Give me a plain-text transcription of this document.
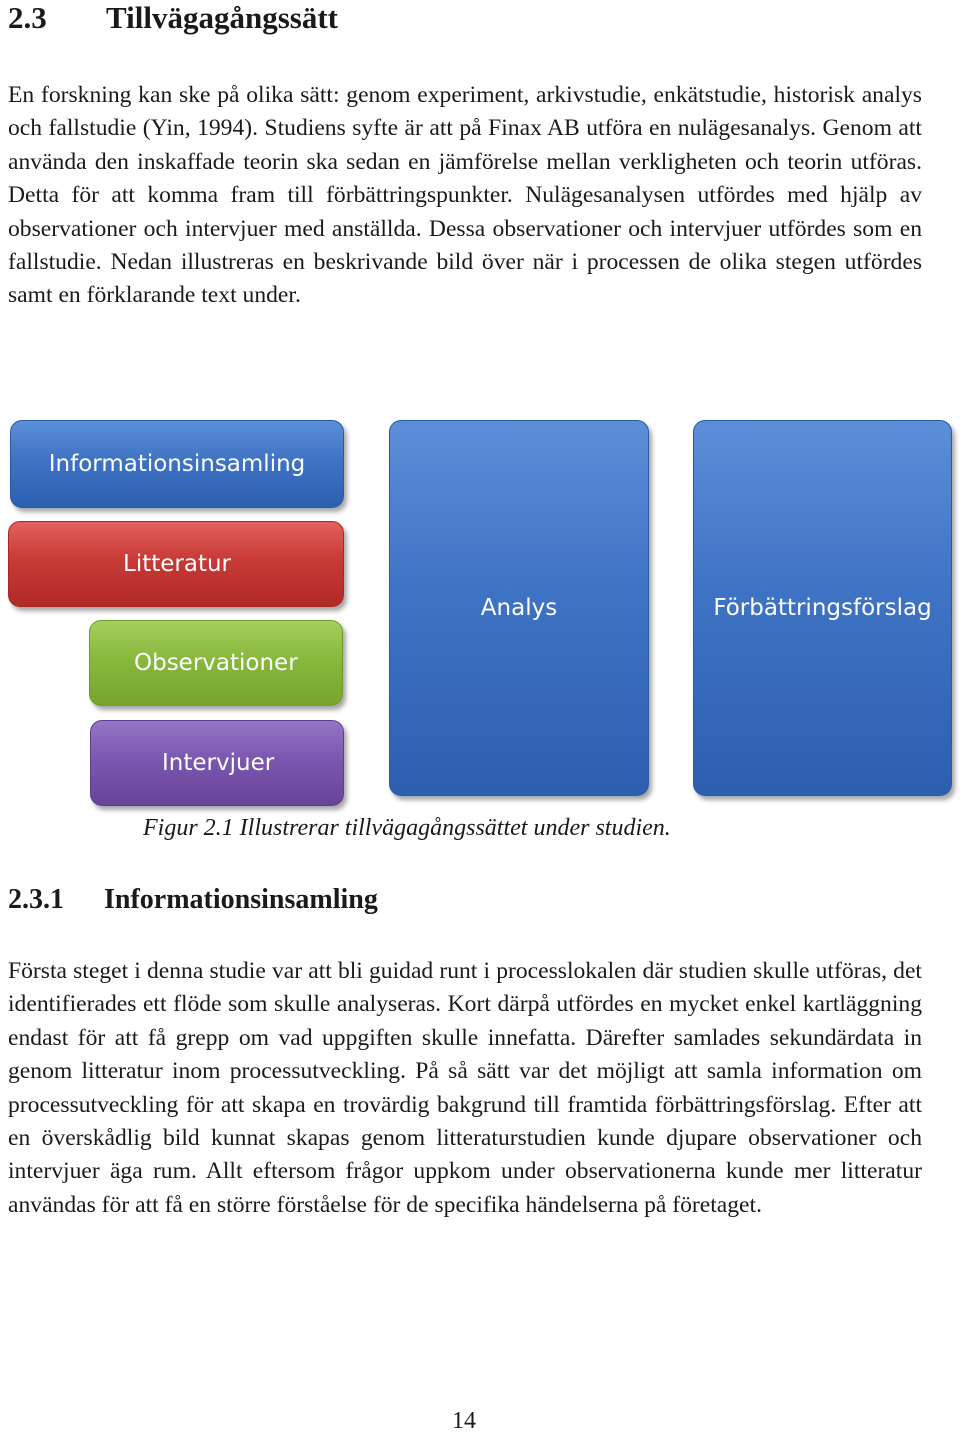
2.3 Tillvägagångssätt

En forskning kan ske på olika sätt: genom experiment, arkivstudie, enkätstudie, historisk analys och fallstudie (Yin, 1994). Studiens syfte är att på Finax AB utföra en nulägesanalys. Genom att använda den inskaffade teorin ska sedan en jämförelse mellan verkligheten och teorin utföras. Detta för att komma fram till förbättringspunkter. Nulägesanalysen utfördes med hjälp av observationer och intervjuer med anställda. Dessa observationer och intervjuer utfördes som en fallstudie. Nedan illustreras en beskrivande bild över när i processen de olika stegen utfördes samt en förklarande text under.

Informationsinsamling
Litteratur
Observationer
Intervjuer
Analys	Förbättringsförslag

Figur 2.1 Illustrerar tillvägagångssättet under studien.

2.3.1 Informationsinsamling

Första steget i denna studie var att bli guidad runt i processlokalen där studien skulle utföras, det identifierades ett flöde som skulle analyseras. Kort därpå utfördes en mycket enkel kartläggning endast för att få grepp om vad uppgiften skulle innefatta. Därefter samlades sekundärdata in genom litteratur inom processutveckling. På så sätt var det möjligt att samla information om processutveckling för att skapa en trovärdig bakgrund till framtida förbättringsförslag. Efter att en överskådlig bild kunnat skapas genom litteraturstudien kunde djupare observationer och intervjuer äga rum. Allt eftersom frågor uppkom under observationerna kunde mer litteratur användas för att få en större förståelse för de specifika händelserna på företaget.

14
